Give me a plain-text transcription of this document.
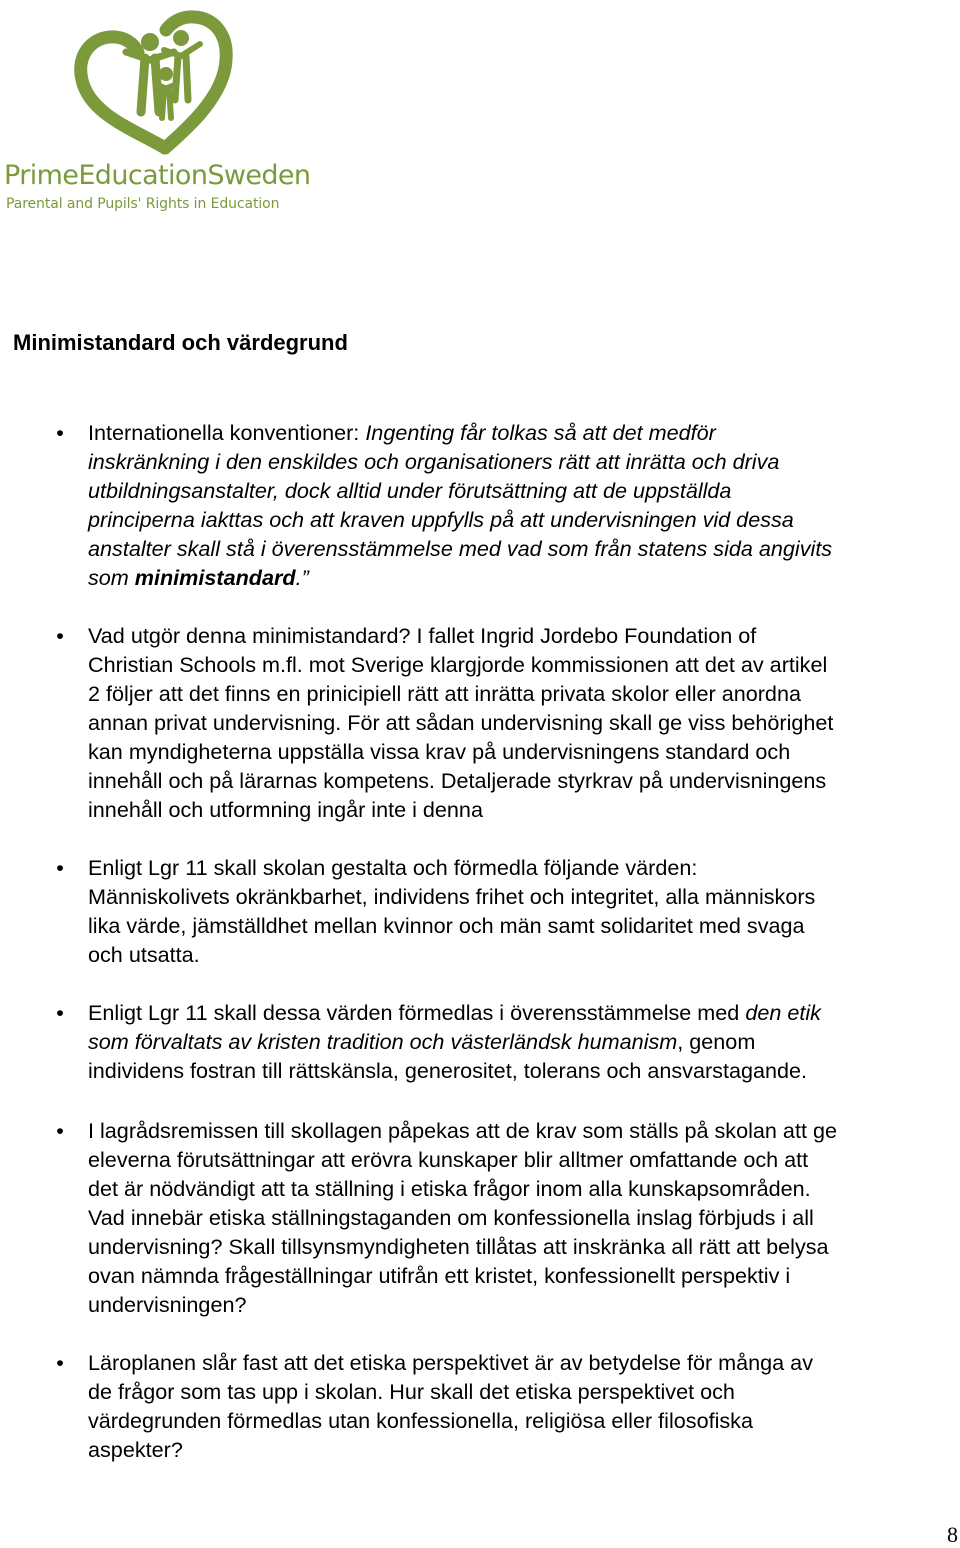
PrimeEducationSweden
Parental and Pupils' Rights in Education
Minimistandard och värdegrund
• Internationella konventioner: Ingenting får tolkas så att det medför
inskränkning i den enskildes och organisationers rätt att inrätta och driva
utbildningsanstalter, dock alltid under förutsättning att de uppställda
principerna iakttas och att kraven uppfylls på att undervisningen vid dessa
anstalter skall stå i överensstämmelse med vad som från statens sida angivits
som minimistandard.”
• Vad utgör denna minimistandard? I fallet Ingrid Jordebo Foundation of
Christian Schools m.fl. mot Sverige klargjorde kommissionen att det av artikel
2 följer att det finns en prinicipiell rätt att inrätta privata skolor eller anordna
annan privat undervisning. För att sådan undervisning skall ge viss behörighet
kan myndigheterna uppställa vissa krav på undervisningens standard och
innehåll och på lärarnas kompetens. Detaljerade styrkrav på undervisningens
innehåll och utformning ingår inte i denna
• Enligt Lgr 11 skall skolan gestalta och förmedla följande värden:
Människolivets okränkbarhet, individens frihet och integritet, alla människors
lika värde, jämställdhet mellan kvinnor och män samt solidaritet med svaga
och utsatta.
• Enligt Lgr 11 skall dessa värden förmedlas i överensstämmelse med den etik
som förvaltats av kristen tradition och västerländsk humanism, genom
individens fostran till rättskänsla, generositet, tolerans och ansvarstagande.
• I lagrådsremissen till skollagen påpekas att de krav som ställs på skolan att ge
eleverna förutsättningar att erövra kunskaper blir alltmer omfattande och att
det är nödvändigt att ta ställning i etiska frågor inom alla kunskapsområden.
Vad innebär etiska ställningstaganden om konfessionella inslag förbjuds i all
undervisning? Skall tillsynsmyndigheten tillåtas att inskränka all rätt att belysa
ovan nämnda frågeställningar utifrån ett kristet, konfessionellt perspektiv i
undervisningen?
• Läroplanen slår fast att det etiska perspektivet är av betydelse för många av
de frågor som tas upp i skolan. Hur skall det etiska perspektivet och
värdegrunden förmedlas utan konfessionella, religiösa eller filosofiska
aspekter?
8
